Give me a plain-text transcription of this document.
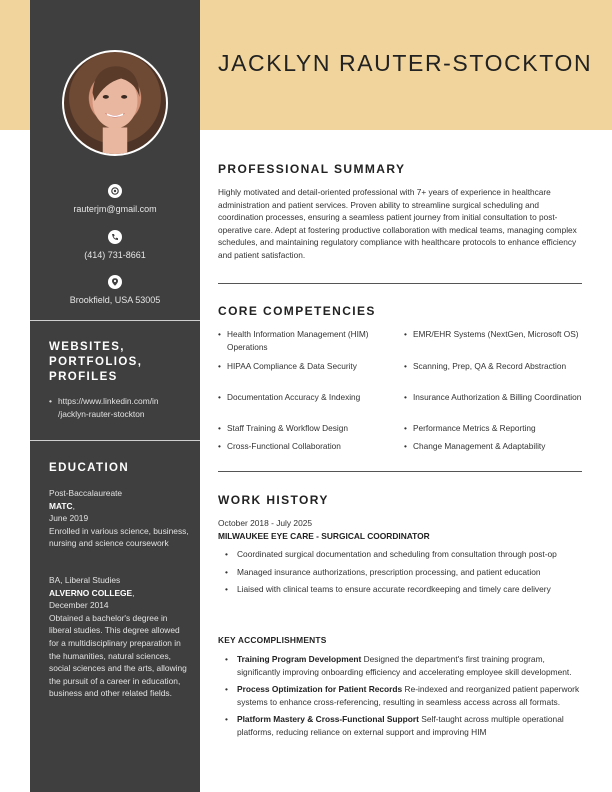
rauterjm@gmail.com
(414) 731-8661
Brookfield, USA 53005
WEBSITES, PORTFOLIOS, PROFILES
• https://www.linkedin.com/in
/jacklyn-rauter-stockton
EDUCATION
Post-Baccalaureate
MATC,
June 2019
Enrolled in various science, business, nursing and science coursework
BA, Liberal Studies
ALVERNO COLLEGE,
December 2014
Obtained a bachelor's degree in liberal studies. This degree allowed for a multidisciplinary preparation in the humanities, natural sciences, social sciences and the arts, allowing the pursuit of a career in education, business and other related fields.
JACKLYN RAUTER-STOCKTON
PROFESSIONAL SUMMARY

Highly motivated and detail-oriented professional with 7+ years of experience in healthcare administration and patient services. Proven ability to streamline surgical scheduling and coordination processes, ensuring a seamless patient journey from initial consultation to post-operative care. Adept at fostering productive collaboration with medical teams, managing complex schedules, and maintaining regulatory compliance with healthcare protocols to enhance efficiency and patient satisfaction.

CORE COMPETENCIES
• Health Information Management (HIM) Operations
• HIPAA Compliance & Data Security
• Documentation Accuracy & Indexing
• Staff Training & Workflow Design
• Cross-Functional Collaboration
• EMR/EHR Systems (NextGen, Microsoft OS)
• Scanning, Prep, QA & Record Abstraction
• Insurance Authorization & Billing Coordination
• Performance Metrics & Reporting
• Change Management & Adaptability
WORK HISTORY
October 2018 - July 2025
MILWAUKEE EYE CARE - SURGICAL COORDINATOR
• Coordinated surgical documentation and scheduling from consultation through post-op
• Managed insurance authorizations, prescription processing, and patient education
• Liaised with clinical teams to ensure accurate recordkeeping and timely care delivery
KEY ACCOMPLISHMENTS
• Training Program Development Designed the department's first training program, significantly improving onboarding efficiency and accelerating employee skill development.
• Process Optimization for Patient Records Re-indexed and reorganized patient paperwork systems to enhance cross-referencing, resulting in seamless access across all formats.
• Platform Mastery & Cross-Functional Support Self-taught across multiple operational platforms, reducing reliance on external support and improving HIM
